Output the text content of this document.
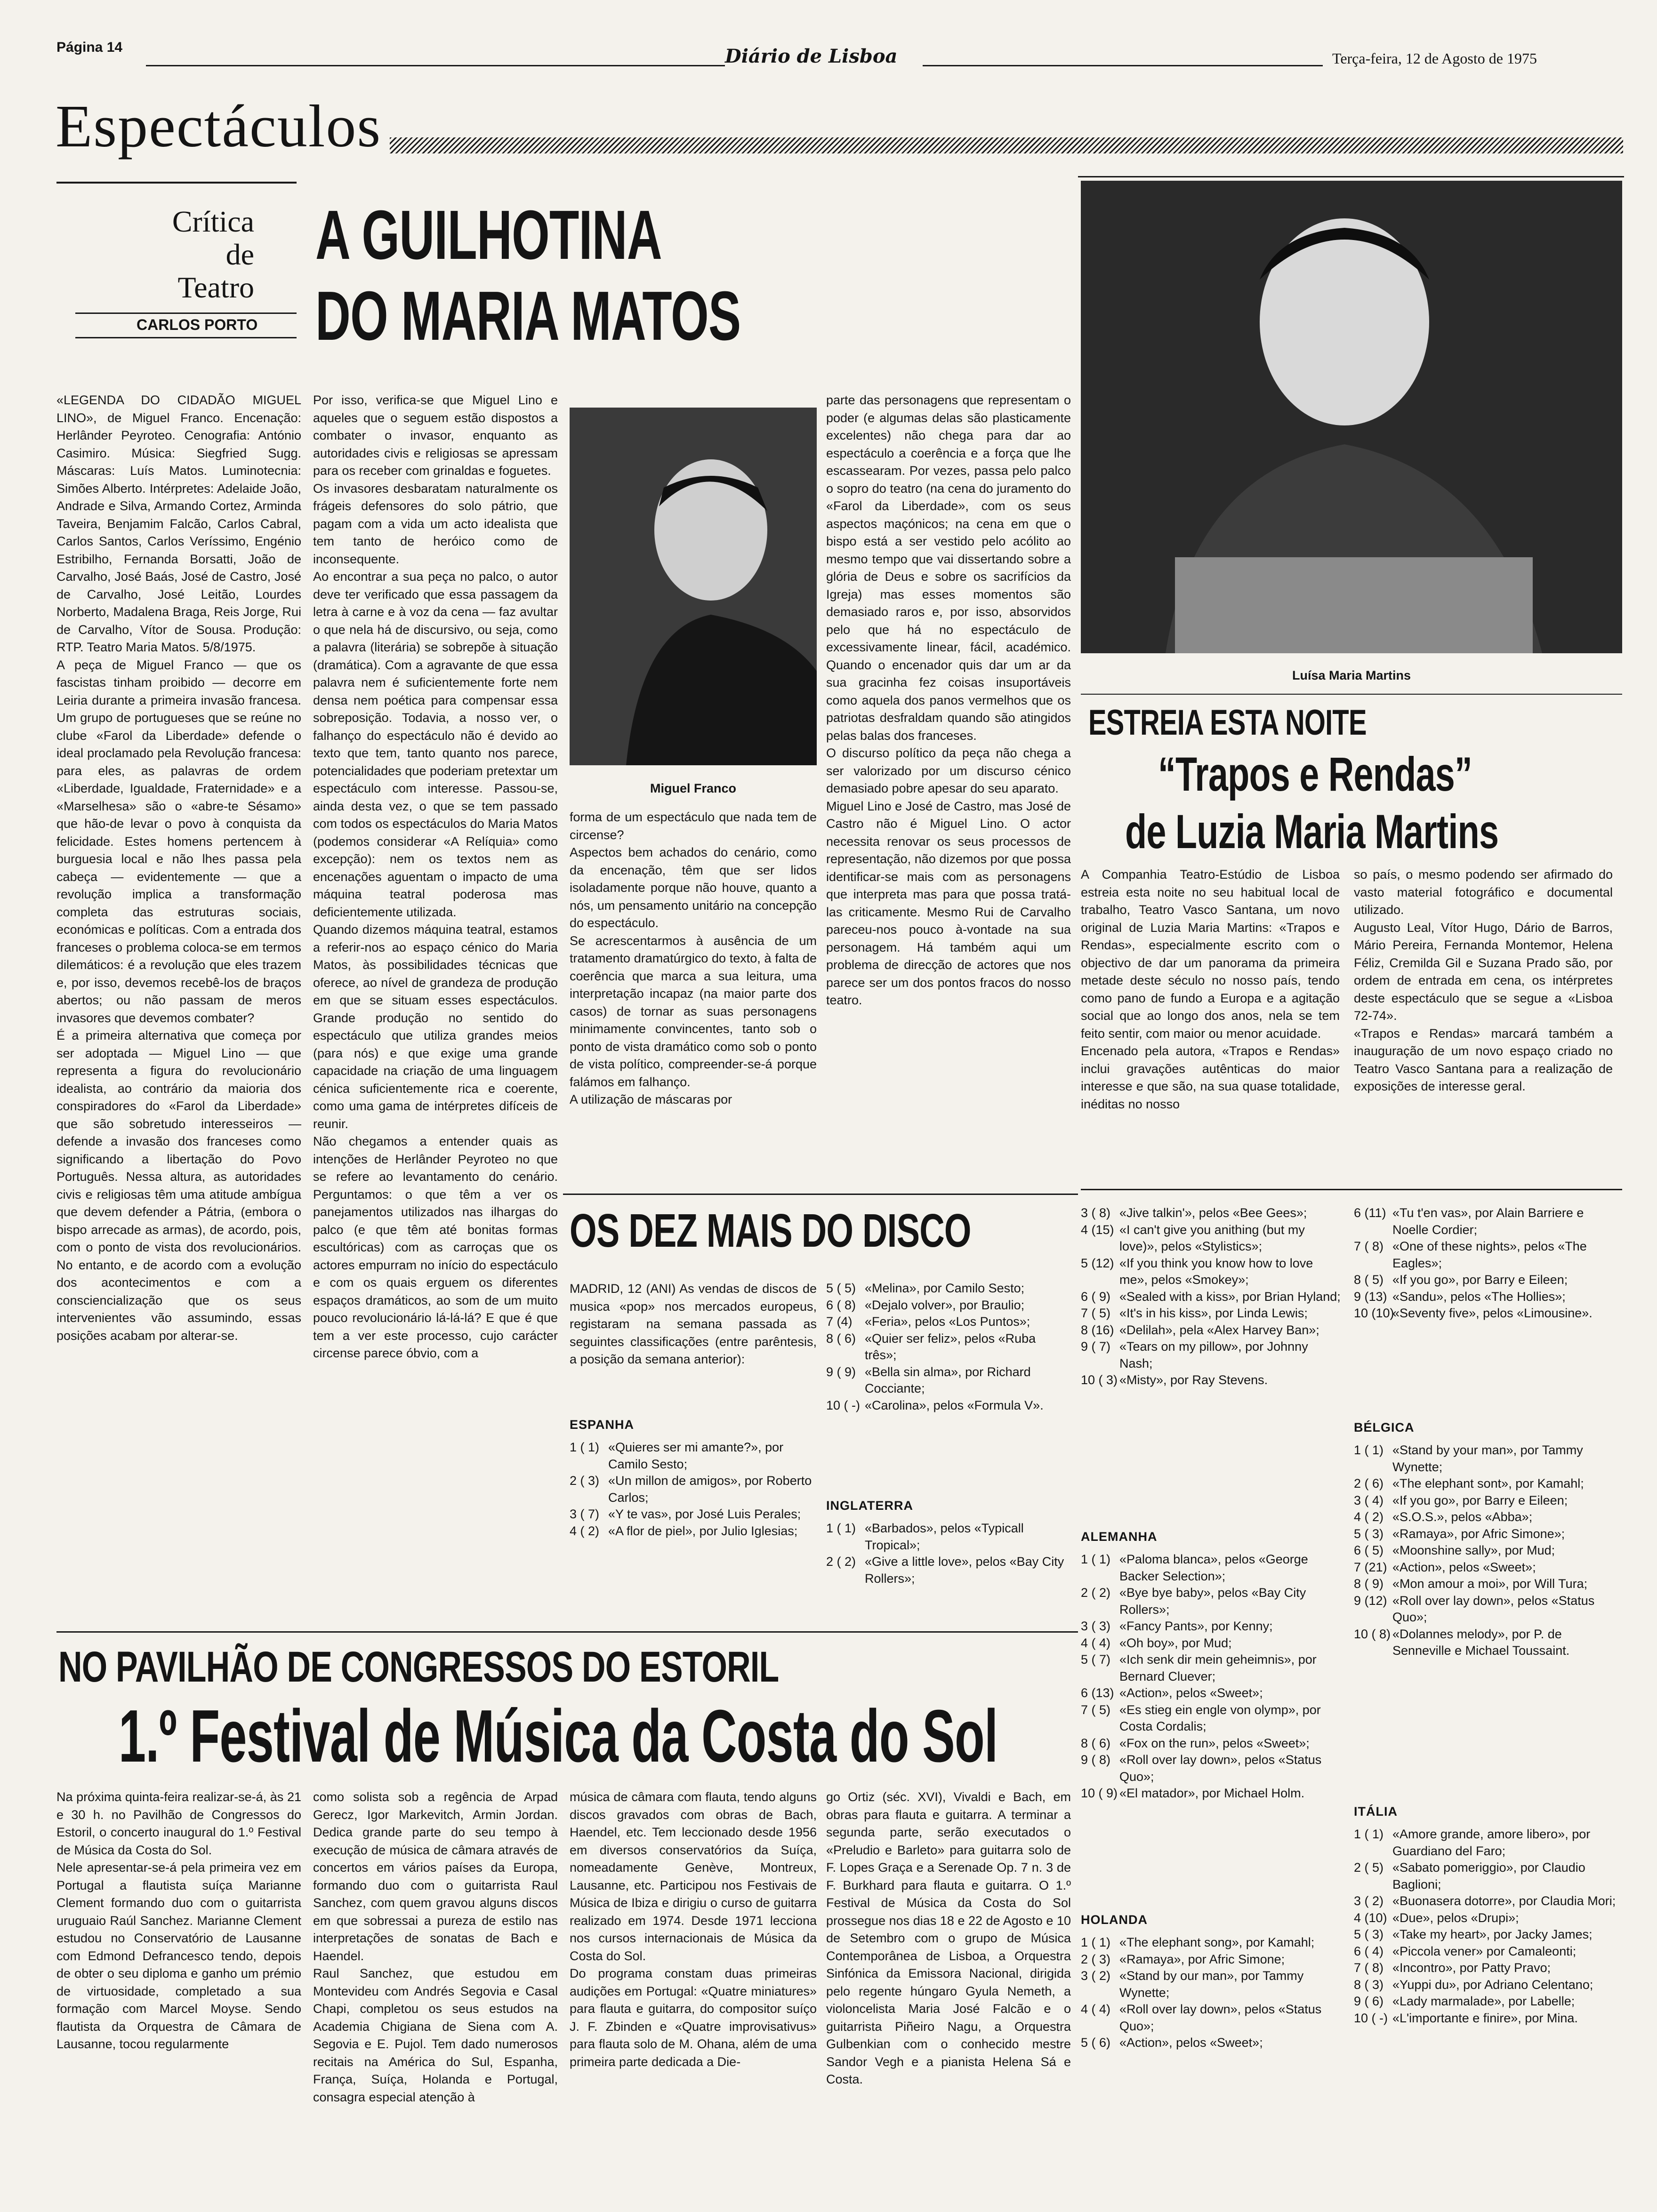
Página 14	Diário de Lisboa	Terça-feira, 12 de Agosto de 1975
Espectáculos
Crítica
de
Teatro
CARLOS PORTO
A GUILHOTINA
DO MARIA MATOS

«LEGENDA DO CIDADÃO MIGUEL LINO», de Miguel Franco. Encenação: Herlânder Peyroteo. Cenografia: António Casimiro. Música: Siegfried Sugg. Máscaras: Luís Matos. Luminotecnia: Simões Alberto. Intérpretes: Adelaide João, Andrade e Silva, Armando Cortez, Arminda Taveira, Benjamim Falcão, Carlos Cabral, Carlos Santos, Carlos Veríssimo, Engénio Estribilho, Fernanda Borsatti, João de Carvalho, José Baás, José de Castro, José de Carvalho, José Leitão, Lourdes Norberto, Madalena Braga, Reis Jorge, Rui de Carvalho, Vítor de Sousa. Produção: RTP. Teatro Maria Matos. 5/8/1975.
A peça de Miguel Franco — que os fascistas tinham proibido — decorre em Leiria durante a primeira invasão francesa. Um grupo de portugueses que se reúne no clube «Farol da Liberdade» defende o ideal proclamado pela Revolução francesa: para eles, as palavras de ordem «Liberdade, Igualdade, Fraternidade» e a «Marselhesa» são o «abre-te Sésamo» que hão-de levar o povo à conquista da felicidade. Estes homens pertencem à burguesia local e não lhes passa pela cabeça — evidentemente — que a revolução implica a transformação completa das estruturas sociais, económicas e políticas. Com a entrada dos franceses o problema coloca-se em termos dilemáticos: é a revolução que eles trazem e, por isso, devemos recebê-los de braços abertos; ou não passam de meros invasores que devemos combater?
É a primeira alternativa que começa por ser adoptada — Miguel Lino — que representa a figura do revolucionário idealista, ao contrário da maioria dos conspiradores do «Farol da Liberdade» que são sobretudo interesseiros — defende a invasão dos franceses como significando a libertação do Povo Português. Nessa altura, as autoridades civis e religiosas têm uma atitude ambígua que devem defender a Pátria, (embora o bispo arrecade as armas), de acordo, pois, com o ponto de vista dos revolucionários. No entanto, e de acordo com a evolução dos acontecimentos e com a consciencialização que os seus intervenientes vão assumindo, essas posições acabam por alterar-se.

Por isso, verifica-se que Miguel Lino e aqueles que o seguem estão dispostos a combater o invasor, enquanto as autoridades civis e religiosas se apressam para os receber com grinaldas e foguetes.
Os invasores desbaratam naturalmente os frágeis defensores do solo pátrio, que pagam com a vida um acto idealista que tem tanto de heróico como de inconsequente.
Ao encontrar a sua peça no palco, o autor deve ter verificado que essa passagem da letra à carne e à voz da cena — faz avultar o que nela há de discursivo, ou seja, como a palavra (literária) se sobrepõe à situação (dramática). Com a agravante de que essa palavra nem é suficientemente forte nem densa nem poética para compensar essa sobreposição. Todavia, a nosso ver, o falhanço do espectáculo não é devido ao texto que tem, tanto quanto nos parece, potencialidades que poderiam pretextar um espectáculo com interesse. Passou-se, ainda desta vez, o que se tem passado com todos os espectáculos do Maria Matos (podemos considerar «A Relíquia» como excepção): nem os textos nem as encenações aguentam o impacto de uma máquina teatral poderosa mas deficientemente utilizada.
Quando dizemos máquina teatral, estamos a referir-nos ao espaço cénico do Maria Matos, às possibilidades técnicas que oferece, ao nível de grandeza de produção em que se situam esses espectáculos. Grande produção no sentido do espectáculo que utiliza grandes meios (para nós) e que exige uma grande capacidade na criação de uma linguagem cénica suficientemente rica e coerente, como uma gama de intérpretes difíceis de reunir.
Não chegamos a entender quais as intenções de Herlânder Peyroteo no que se refere ao levantamento do cenário. Perguntamos: o que têm a ver os panejamentos utilizados nas ilhargas do palco (e que têm até bonitas formas escultóricas) com as carroças que os actores empurram no início do espectáculo e com os quais erguem os diferentes espaços dramáticos, ao som de um muito pouco revolucionário lá-lá-lá? E que é que tem a ver este processo, cujo carácter circense parece óbvio, com a

Miguel Franco

forma de um espectáculo que nada tem de circense?
Aspectos bem achados do cenário, como da encenação, têm que ser lidos isoladamente porque não houve, quanto a nós, um pensamento unitário na concepção do espectáculo.
Se acrescentarmos à ausência de um tratamento dramatúrgico do texto, à falta de coerência que marca a sua leitura, uma interpretação incapaz (na maior parte dos casos) de tornar as suas personagens minimamente convincentes, tanto sob o ponto de vista dramático como sob o ponto de vista político, compreender-se-á porque falámos em falhanço.
A utilização de máscaras por

parte das personagens que representam o poder (e algumas delas são plasticamente excelentes) não chega para dar ao espectáculo a coerência e a força que lhe escassearam. Por vezes, passa pelo palco o sopro do teatro (na cena do juramento do «Farol da Liberdade», com os seus aspectos maçónicos; na cena em que o bispo está a ser vestido pelo acólito ao mesmo tempo que vai dissertando sobre a glória de Deus e sobre os sacrifícios da Igreja) mas esses momentos são demasiado raros e, por isso, absorvidos pelo que há no espectáculo de excessivamente linear, fácil, académico. Quando o encenador quis dar um ar da sua gracinha fez coisas insuportáveis como aquela dos panos vermelhos que os patriotas desfraldam quando são atingidos pelas balas dos franceses.
O discurso político da peça não chega a ser valorizado por um discurso cénico demasiado pobre apesar do seu aparato.
Miguel Lino e José de Castro, mas José de Castro não é Miguel Lino. O actor necessita renovar os seus processos de representação, não dizemos por que possa identificar-se mais com as personagens que interpreta mas para que possa tratá-las criticamente. Mesmo Rui de Carvalho pareceu-nos pouco à-vontade na sua personagem. Há também aqui um problema de direcção de actores que nos parece ser um dos pontos fracos do nosso teatro.

Luísa Maria Martins
ESTREIA ESTA NOITE
“Trapos e Rendas”
de Luzia Maria Martins

A Companhia Teatro-Estúdio de Lisboa estreia esta noite no seu habitual local de trabalho, Teatro Vasco Santana, um novo original de Luzia Maria Martins: «Trapos e Rendas», especialmente escrito com o objectivo de dar um panorama da primeira metade deste século no nosso país, tendo como pano de fundo a Europa e a agitação social que ao longo dos anos, nela se tem feito sentir, com maior ou menor acuidade.
Encenado pela autora, «Trapos e Rendas» inclui gravações autênticas do maior interesse e que são, na sua quase totalidade, inéditas no nosso

so país, o mesmo podendo ser afirmado do vasto material fotográfico e documental utilizado.
Augusto Leal, Vítor Hugo, Dário de Barros, Mário Pereira, Fernanda Montemor, Helena Féliz, Cremilda Gil e Suzana Prado são, por ordem de entrada em cena, os intérpretes deste espectáculo que se segue a «Lisboa 72-74».
«Trapos e Rendas» marcará também a inauguração de um novo espaço criado no Teatro Vasco Santana para a realização de exposições de interesse geral.

OS DEZ MAIS DO DISCO

MADRID, 12 (ANI) As vendas de discos de musica «pop» nos mercados europeus, registaram na semana passada as seguintes classificações (entre parêntesis, a posição da semana anterior):

ESPANHA
1 ( 1) «Quieres ser mi amante?», por Camilo Sesto;
2 ( 3) «Un millon de amigos», por Roberto Carlos;
3 ( 7) «Y te vas», por José Luis Perales;
4 ( 2) «A flor de piel», por Julio Iglesias;
5 ( 5) «Melina», por Camilo Sesto;
6 ( 8) «Dejalo volver», por Braulio;
7 (4) «Feria», pelos «Los Puntos»;
8 ( 6) «Quier ser feliz», pelos «Ruba três»;
9 ( 9) «Bella sin alma», por Richard Cocciante;
10 ( -) «Carolina», pelos «Formula V».
INGLATERRA
1 ( 1) «Barbados», pelos «Typicall Tropical»;
2 ( 2) «Give a little love», pelos «Bay City Rollers»;
3 ( 8) «Jive talkin'», pelos «Bee Gees»;
4 (15) «I can't give you anithing (but my love)», pelos «Stylistics»;
5 (12) «If you think you know how to love me», pelos «Smokey»;
6 ( 9) «Sealed with a kiss», por Brian Hyland;
7 ( 5) «It's in his kiss», por Linda Lewis;
8 (16) «Delilah», pela «Alex Harvey Ban»;
9 ( 7) «Tears on my pillow», por Johnny Nash;
10 ( 3) «Misty», por Ray Stevens.
ALEMANHA
1 ( 1) «Paloma blanca», pelos «George Backer Selection»;
2 ( 2) «Bye bye baby», pelos «Bay City Rollers»;
3 ( 3) «Fancy Pants», por Kenny;
4 ( 4) «Oh boy», por Mud;
5 ( 7) «Ich senk dir mein geheimnis», por Bernard Cluever;
6 (13) «Action», pelos «Sweet»;
7 ( 5) «Es stieg ein engle von olymp», por Costa Cordalis;
8 ( 6) «Fox on the run», pelos «Sweet»;
9 ( 8) «Roll over lay down», pelos «Status Quo»;
10 ( 9) «El matador», por Michael Holm.
HOLANDA
1 ( 1) «The elephant song», por Kamahl;
2 ( 3) «Ramaya», por Afric Simone;
3 ( 2) «Stand by our man», por Tammy Wynette;
4 ( 4) «Roll over lay down», pelos «Status Quo»;
5 ( 6) «Action», pelos «Sweet»;
6 (11) «Tu t'en vas», por Alain Barriere e Noelle Cordier;
7 ( 8) «One of these nights», pelos «The Eagles»;
8 ( 5) «If you go», por Barry e Eileen;
9 (13) «Sandu», pelos «The Hollies»;
10 (10)
«Seventy five», pelos «Limousine».
BÉLGICA
1 ( 1) «Stand by your man», por Tammy Wynette;
2 ( 6) «The elephant sont», por Kamahl;
3 ( 4) «If you go», por Barry e Eileen;
4 ( 2) «S.O.S.», pelos «Abba»;
5 ( 3) «Ramaya», por Afric Simone»;
6 ( 5) «Moonshine sally», por Mud;
7 (21) «Action», pelos «Sweet»;
8 ( 9) «Mon amour a moi», por Will Tura;
9 (12) «Roll over lay down», pelos «Status Quo»;
10 ( 8) «Dolannes melody», por P. de Senneville e Michael Toussaint.
ITÁLIA
1 ( 1) «Amore grande, amore libero», por Guardiano del Faro;
2 ( 5) «Sabato pomeriggio», por Claudio Baglioni;
3 ( 2) «Buonasera dotorre», por Claudia Mori;
4 (10) «Due», pelos «Drupi»;
5 ( 3) «Take my heart», por Jacky James;
6 ( 4) «Piccola vener» por Camaleonti;
7 ( 8) «Incontro», por Patty Pravo;
8 ( 3) «Yuppi du», por Adriano Celentano;
9 ( 6) «Lady marmalade», por Labelle;
10 ( -) «L'importante e finire», por Mina.
NO PAVILHÃO DE CONGRESSOS DO ESTORIL
1.º Festival de Música da Costa do Sol

Na próxima quinta-feira realizar-se-á, às 21 e 30 h. no Pavilhão de Congressos do Estoril, o concerto inaugural do 1.º Festival de Música da Costa do Sol.
Nele apresentar-se-á pela primeira vez em Portugal a flautista suíça Marianne Clement formando duo com o guitarrista uruguaio Raúl Sanchez. Marianne Clement estudou no Conservatório de Lausanne com Edmond Defrancesco tendo, depois de obter o seu diploma e ganho um prémio de virtuosidade, completado a sua formação com Marcel Moyse. Sendo flautista da Orquestra de Câmara de Lausanne, tocou regularmente

como solista sob a regência de Arpad Gerecz, Igor Markevitch, Armin Jordan. Dedica grande parte do seu tempo à execução de música de câmara através de concertos em vários países da Europa, formando duo com o guitarrista Raul Sanchez, com quem gravou alguns discos em que sobressai a pureza de estilo nas interpretações de sonatas de Bach e Haendel.
Raul Sanchez, que estudou em Montevideu com Andrés Segovia e Casal Chapi, completou os seus estudos na Academia Chigiana de Siena com A. Segovia e E. Pujol. Tem dado numerosos recitais na América do Sul, Espanha, França, Suíça, Holanda e Portugal, consagra especial atenção à

música de câmara com flauta, tendo alguns discos gravados com obras de Bach, Haendel, etc. Tem leccionado desde 1956 em diversos conservatórios da Suíça, nomeadamente Genève, Montreux, Lausanne, etc. Participou nos Festivais de Música de Ibiza e dirigiu o curso de guitarra realizado em 1974. Desde 1971 lecciona nos cursos internacionais de Música da Costa do Sol.
Do programa constam duas primeiras audições em Portugal: «Quatre miniatures» para flauta e guitarra, do compositor suíço J. F. Zbinden e «Quatre improvisativus» para flauta solo de M. Ohana, além de uma primeira parte dedicada a Die-

go Ortiz (séc. XVI), Vivaldi e Bach, em obras para flauta e guitarra. A terminar a segunda parte, serão executados o «Preludio e Barleto» para guitarra solo de F. Lopes Graça e a Serenade Op. 7 n. 3 de F. Burkhard para flauta e guitarra. O 1.º Festival de Música da Costa do Sol prossegue nos dias 18 e 22 de Agosto e 10 de Setembro com o grupo de Música Contemporânea de Lisboa, a Orquestra Sinfónica da Emissora Nacional, dirigida pelo regente húngaro Gyula Nemeth, a violoncelista Maria José Falcão e o guitarrista Piñeiro Nagu, a Orquestra Gulbenkian com o conhecido mestre Sandor Vegh e a pianista Helena Sá e Costa.
